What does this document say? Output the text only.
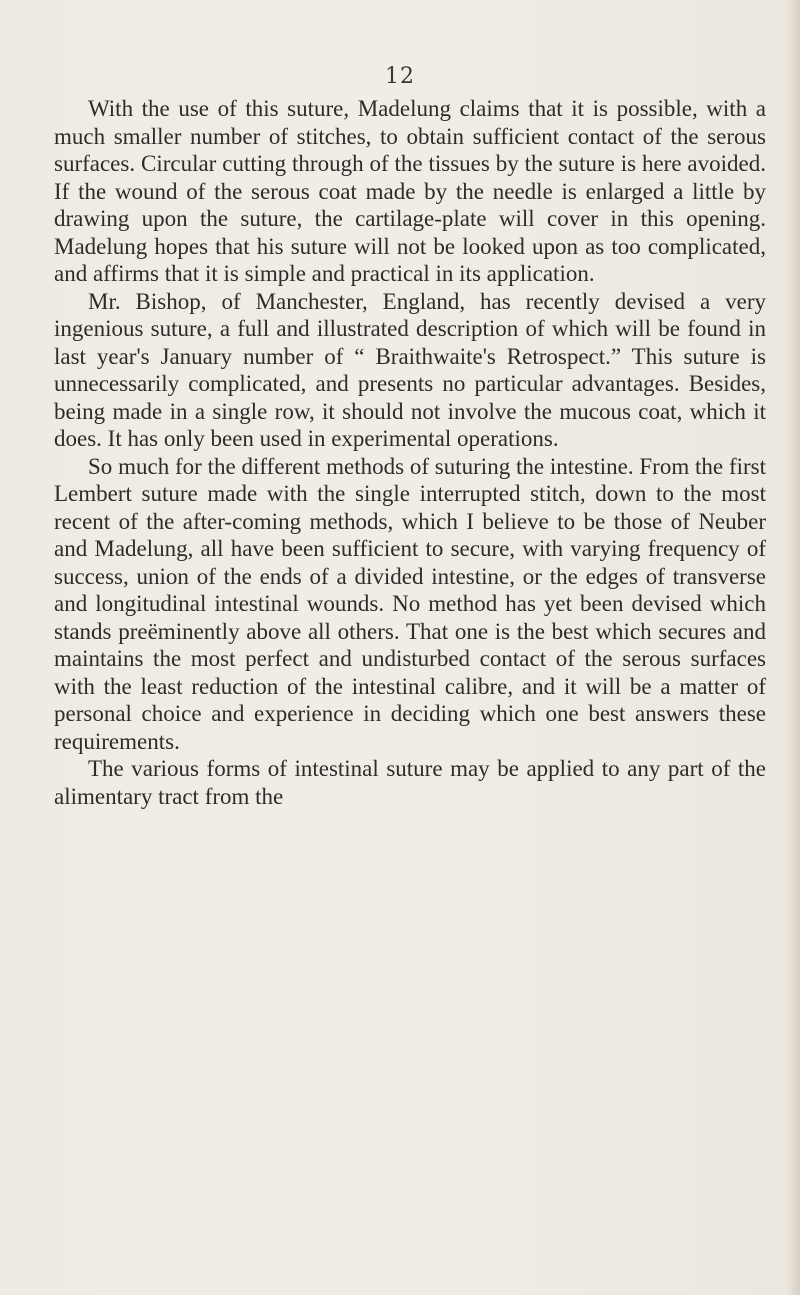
12

With the use of this suture, Madelung claims that it is possible, with a much smaller number of stitches, to obtain sufficient contact of the serous surfaces. Circular cutting through of the tissues by the suture is here avoided. If the wound of the serous coat made by the needle is enlarged a little by drawing upon the suture, the cartilage-plate will cover in this opening. Madelung hopes that his suture will not be looked upon as too complicated, and affirms that it is simple and practical in its application.

Mr. Bishop, of Manchester, England, has recently devised a very ingenious suture, a full and illustrated description of which will be found in last year's January number of “ Braithwaite's Retrospect.” This suture is unnecessarily complicated, and presents no particular advantages. Besides, being made in a single row, it should not involve the mucous coat, which it does. It has only been used in experimental operations.

So much for the different methods of suturing the intestine. From the first Lembert suture made with the single interrupted stitch, down to the most recent of the after-coming methods, which I believe to be those of Neuber and Madelung, all have been sufficient to secure, with varying frequency of success, union of the ends of a divided intestine, or the edges of transverse and longitudinal intestinal wounds. No method has yet been devised which stands preëminently above all others. That one is the best which secures and maintains the most perfect and undisturbed contact of the serous surfaces with the least reduction of the intestinal calibre, and it will be a matter of personal choice and experience in deciding which one best answers these requirements.

The various forms of intestinal suture may be applied to any part of the alimentary tract from the
